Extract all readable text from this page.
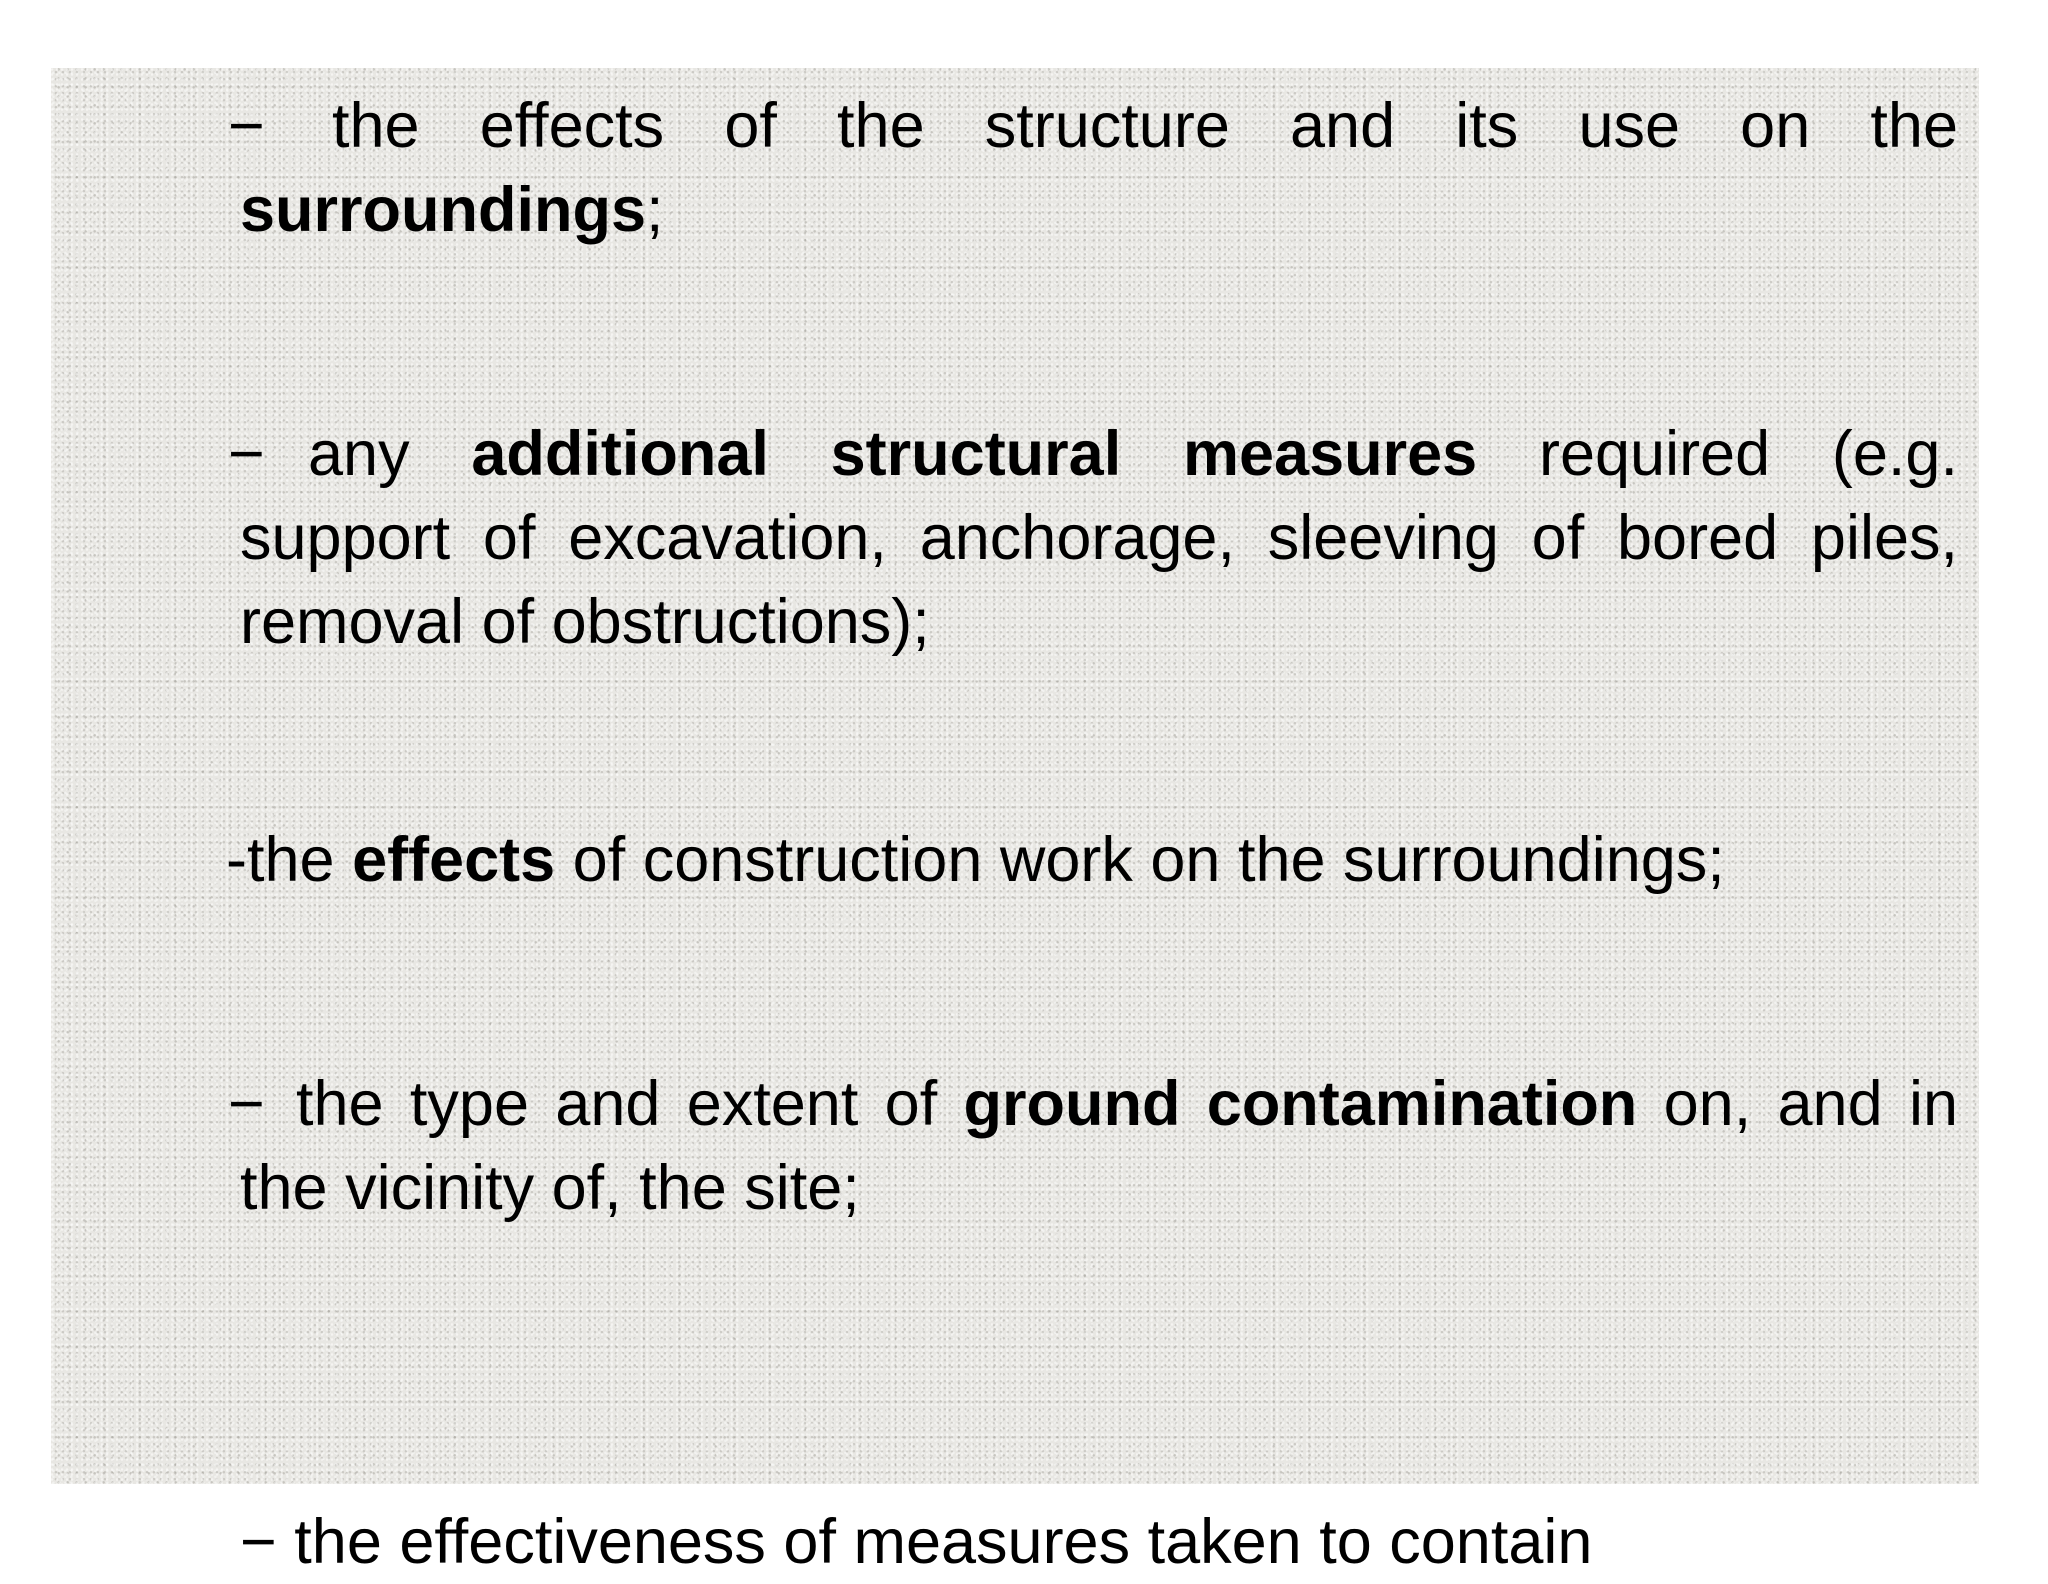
− the effects of the structure and its use on the surroundings;
− any additional structural measures required (e.g. support of excavation, anchorage, sleeving of bored piles, removal of obstructions);
-the effects of construction work on the surroundings;
− the type and extent of ground contamination on, and in the vicinity of, the site;
− the effectiveness of measures taken to contain
